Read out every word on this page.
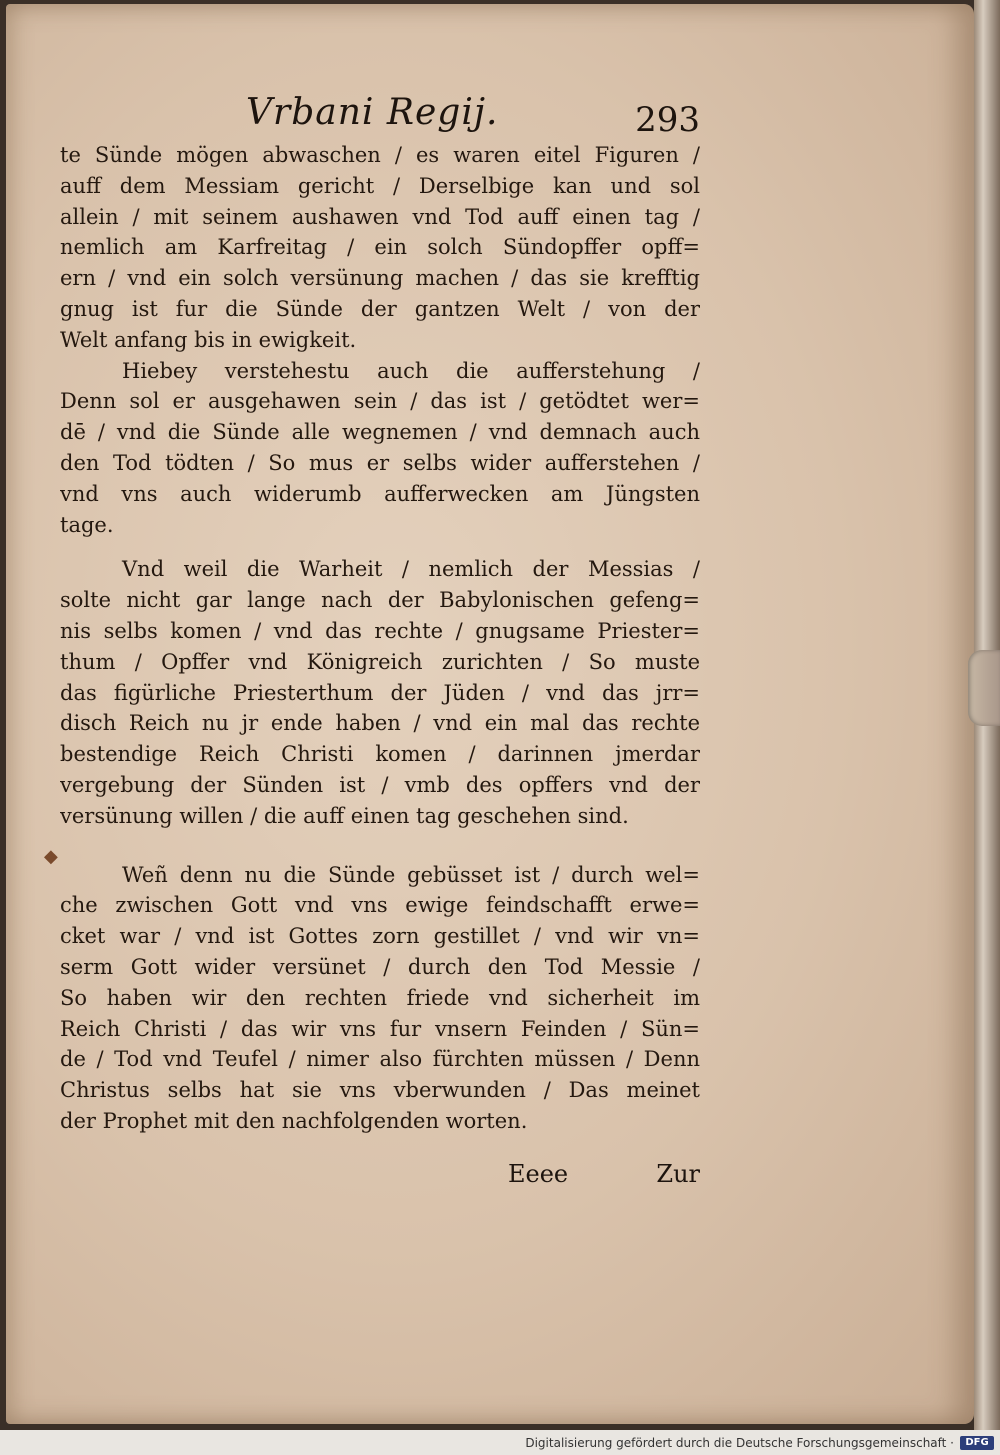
Vrbani Regij.	293

te Sünde mögen abwaschen / es waren eitel Figuren /
auff dem Messiam gericht / Derselbige kan und sol
allein / mit seinem aushawen vnd Tod auff einen tag /
nemlich am Karfreitag / ein solch Sündopffer opff=
ern / vnd ein solch versünung machen / das sie krefftig
gnug ist fur die Sünde der gantzen Welt / von der
Welt anfang bis in ewigkeit.

Hiebey verstehestu auch die aufferstehung /
Denn sol er ausgehawen sein / das ist / getödtet wer=
dē / vnd die Sünde alle wegnemen / vnd demnach auch
den Tod tödten / So mus er selbs wider aufferstehen /
vnd vns auch widerumb aufferwecken am Jüngsten
tage.

Vnd weil die Warheit / nemlich der Messias /
solte nicht gar lange nach der Babylonischen gefeng=
nis selbs komen / vnd das rechte / gnugsame Priester=
thum / Opffer vnd Königreich zurichten / So muste
das figürliche Priesterthum der Jüden / vnd das jrr=
disch Reich nu jr ende haben / vnd ein mal das rechte
bestendige Reich Christi komen / darinnen jmerdar
vergebung der Sünden ist / vmb des opffers vnd der
versünung willen / die auff einen tag geschehen sind.

Weñ denn nu die Sünde gebüsset ist / durch wel=
che zwischen Gott vnd vns ewige feindschafft erwe=
cket war / vnd ist Gottes zorn gestillet / vnd wir vn=
serm Gott wider versünet / durch den Tod Messie /
So haben wir den rechten friede vnd sicherheit im
Reich Christi / das wir vns fur vnsern Feinden / Sün=
de / Tod vnd Teufel / nimer also fürchten müssen / Denn
Christus selbs hat sie vns vberwunden / Das meinet
der Prophet mit den nachfolgenden worten.

◆
Eeee	Zur
Digitalisierung gefördert durch die Deutsche Forschungsgemeinschaft ·	DFG
